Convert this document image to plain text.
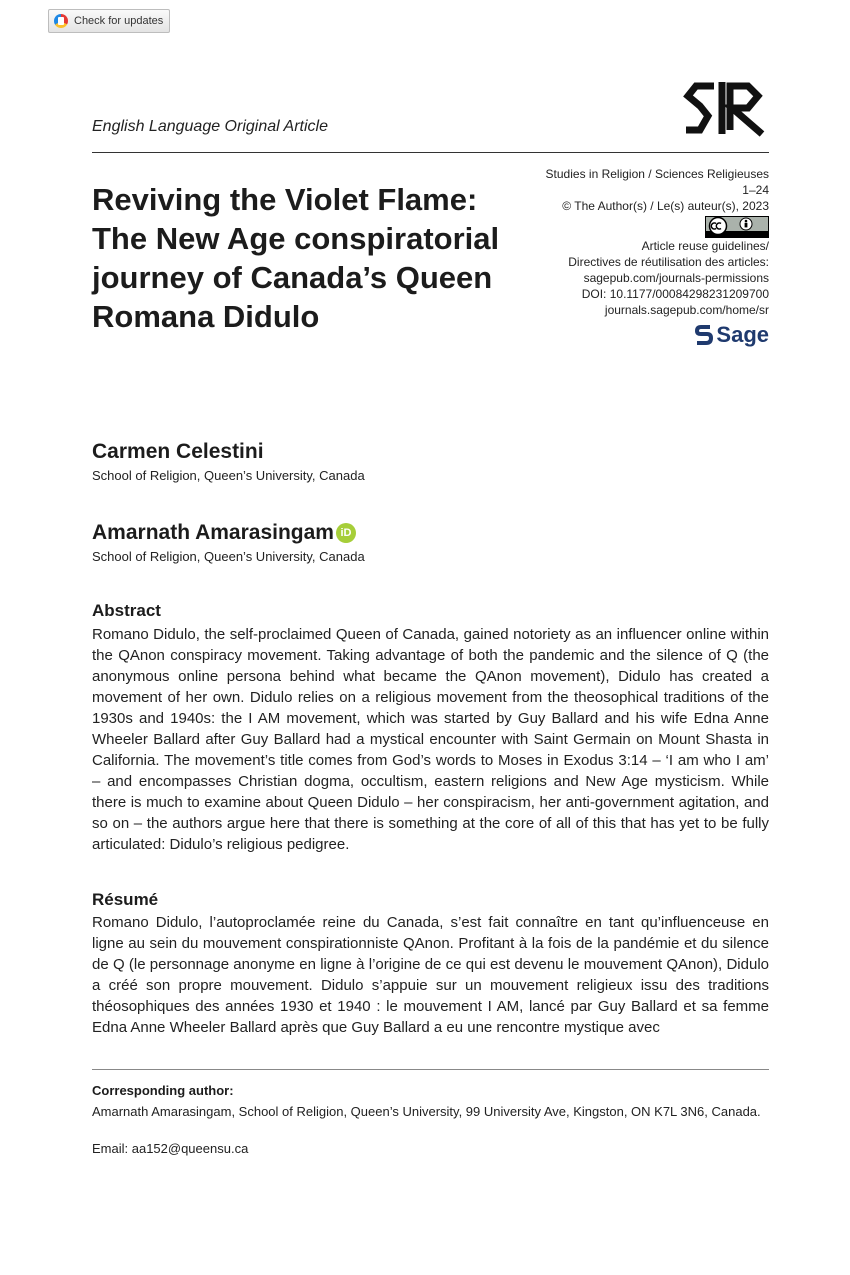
Check for updates
English Language Original Article
Reviving the Violet Flame: The New Age conspiratorial journey of Canada’s Queen Romana Didulo
Studies in Religion / Sciences Religieuses
1–24
© The Author(s) / Le(s) auteur(s), 2023
Article reuse guidelines/
Directives de réutilisation des articles:
sagepub.com/journals-permissions
DOI: 10.1177/00084298231209700
journals.sagepub.com/home/sr
Sage
Carmen Celestini
School of Religion, Queen’s University, Canada
Amarnath Amarasingam iD
School of Religion, Queen’s University, Canada
Abstract

Romano Didulo, the self-proclaimed Queen of Canada, gained notoriety as an influencer online within the QAnon conspiracy movement. Taking advantage of both the pandemic and the silence of Q (the anonymous online persona behind what became the QAnon movement), Didulo has created a movement of her own. Didulo relies on a religious movement from the theosophical traditions of the 1930s and 1940s: the I AM movement, which was started by Guy Ballard and his wife Edna Anne Wheeler Ballard after Guy Ballard had a mystical encounter with Saint Germain on Mount Shasta in California. The movement’s title comes from God’s words to Moses in Exodus 3:14 – ‘I am who I am’ – and encompasses Christian dogma, occultism, eastern religions and New Age mysticism. While there is much to examine about Queen Didulo – her conspiracism, her anti-government agitation, and so on – the authors argue here that there is something at the core of all of this that has yet to be fully articulated: Didulo’s religious pedigree.

Résumé

Romano Didulo, l’autoproclamée reine du Canada, s’est fait connaître en tant qu’influenceuse en ligne au sein du mouvement conspirationniste QAnon. Profitant à la fois de la pandémie et du silence de Q (le personnage anonyme en ligne à l’origine de ce qui est devenu le mouvement QAnon), Didulo a créé son propre mouvement. Didulo s’appuie sur un mouvement religieux issu des traditions théosophiques des années 1930 et 1940 : le mouvement I AM, lancé par Guy Ballard et sa femme Edna Anne Wheeler Ballard après que Guy Ballard a eu une rencontre mystique avec

Corresponding author:
Amarnath Amarasingam, School of Religion, Queen’s University, 99 University Ave, Kingston, ON K7L 3N6, Canada.
Email: aa152@queensu.ca
